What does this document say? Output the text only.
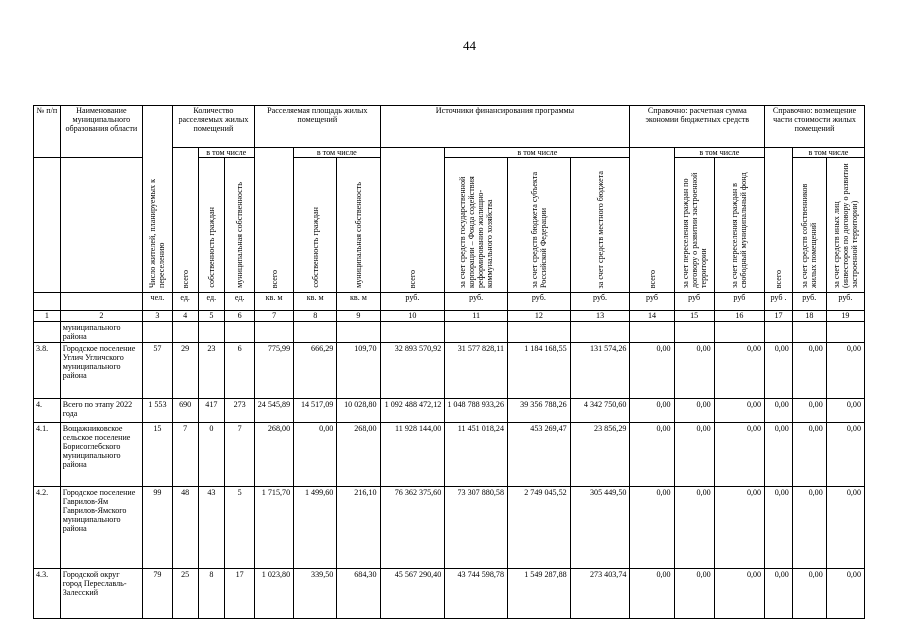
44
№ п/п	Наименование муниципального образования области	Число жителей, планируемых к переселению	Количество расселяемых жилых помещений			Расселяемая площадь жилых помещений			Источники финансирования программы				Справочно: расчетная сумма экономии бюджетных средств			Справочно: возмещение части стоимости жилых помещений		
			всего	в том числе		всего	в том числе		всего	в том числе			всего	в том числе		всего	в том числе	
				собственность граждан	муниципальная собственность		собственность граждан	муниципальная собственность		за счет средств государственной корпорации – Фонда содействия реформированию жилищно-коммунального хозяйства	за счет средств бюджета субъекта Российской Федерации	за счет средств местного бюджета		за счет переселения граждан по договору о развитии застроенной территории	за счет переселения граждан в свободный муниципальный фонд		за счет средств собственников жилых помещений	за счет средств иных лиц (инвесторов по договору о развитии застроенной территории)
		чел.	ед.	ед.	ед.	кв. м	кв. м	кв. м	руб.	руб.	руб.	руб.	руб	руб	руб	руб .	руб.	руб.
1	2	3	4	5	6	7	8	9	10	11	12	13	14	15	16	17	18	19
	муниципального района																	
3.8.	Городское поселение Углич Угличского муниципального района	57	29	23	6	775,99	666,29	109,70	32 893 570,92	31 577 828,11	1 184 168,55	131 574,26	0,00	0,00	0,00	0,00	0,00	0,00
4.	Всего по этапу 2022 года	1 553	690	417	273	24 545,89	14 517,09	10 028,80	1 092 488 472,12	1 048 788 933,26	39 356 788,26	4 342 750,60	0,00	0,00	0,00	0,00	0,00	0,00
4.1.	Вощажниковское сельское поселение Борисоглебского муниципального района	15	7	0	7	268,00	0,00	268,00	11 928 144,00	11 451 018,24	453 269,47	23 856,29	0,00	0,00	0,00	0,00	0,00	0,00
4.2.	Городское поселение Гаврилов-Ям Гаврилов-Ямского муниципального района	99	48	43	5	1 715,70	1 499,60	216,10	76 362 375,60	73 307 880,58	2 749 045,52	305 449,50	0,00	0,00	0,00	0,00	0,00	0,00
4.3.	Городской округ город Переславль-Залесский	79	25	8	17	1 023,80	339,50	684,30	45 567 290,40	43 744 598,78	1 549 287,88	273 403,74	0,00	0,00	0,00	0,00	0,00	0,00
